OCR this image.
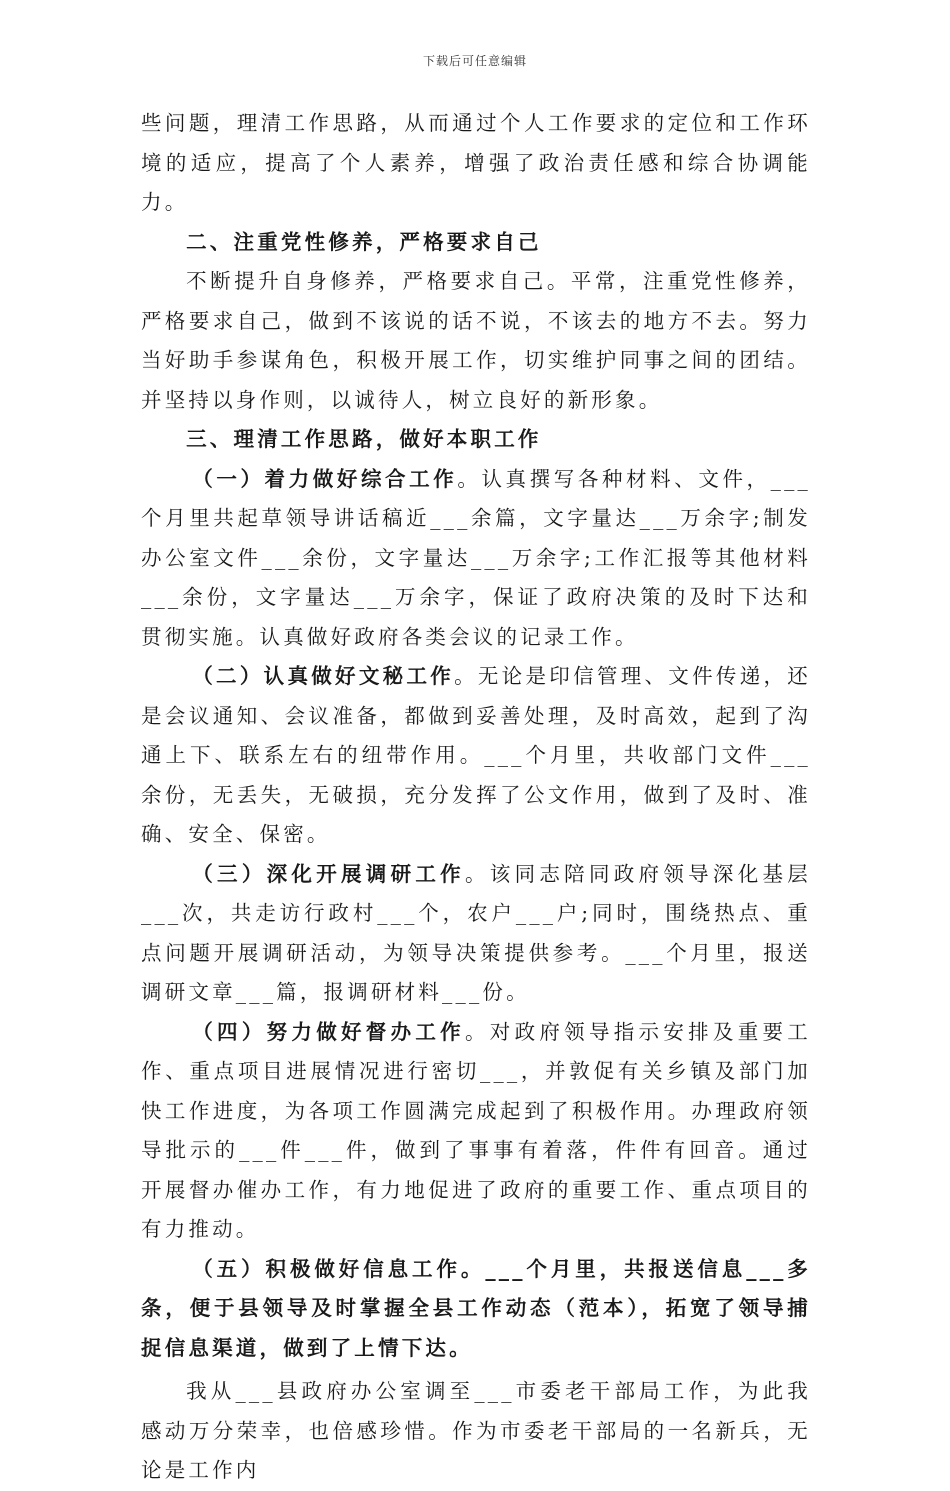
下载后可任意编辑

些问题，理清工作思路，从而通过个人工作要求的定位和工作环境的适应，提高了个人素养，增强了政治责任感和综合协调能力。

二、注重党性修养，严格要求自己

不断提升自身修养，严格要求自己。平常，注重党性修养，严格要求自己，做到不该说的话不说，不该去的地方不去。努力当好助手参谋角色，积极开展工作，切实维护同事之间的团结。并坚持以身作则，以诚待人，树立良好的新形象。

三、理清工作思路，做好本职工作

（一）着力做好综合工作。认真撰写各种材料、文件，___个月里共起草领导讲话稿近___余篇，文字量达___万余字;制发办公室文件___余份，文字量达___万余字;工作汇报等其他材料___余份，文字量达___万余字，保证了政府决策的及时下达和贯彻实施。认真做好政府各类会议的记录工作。

（二）认真做好文秘工作。无论是印信管理、文件传递，还是会议通知、会议准备，都做到妥善处理，及时高效，起到了沟通上下、联系左右的纽带作用。___个月里，共收部门文件___余份，无丢失，无破损，充分发挥了公文作用，做到了及时、准确、安全、保密。

（三）深化开展调研工作。该同志陪同政府领导深化基层___次，共走访行政村___个，农户___户;同时，围绕热点、重点问题开展调研活动，为领导决策提供参考。___个月里，报送调研文章___篇，报调研材料___份。

（四）努力做好督办工作。对政府领导指示安排及重要工作、重点项目进展情况进行密切___，并敦促有关乡镇及部门加快工作进度，为各项工作圆满完成起到了积极作用。办理政府领导批示的___件___件，做到了事事有着落，件件有回音。通过开展督办催办工作，有力地促进了政府的重要工作、重点项目的有力推动。

（五）积极做好信息工作。___个月里，共报送信息___多条，便于县领导及时掌握全县工作动态（范本），拓宽了领导捕捉信息渠道，做到了上情下达。

我从___县政府办公室调至___市委老干部局工作，为此我感动万分荣幸，也倍感珍惜。作为市委老干部局的一名新兵，无论是工作内
